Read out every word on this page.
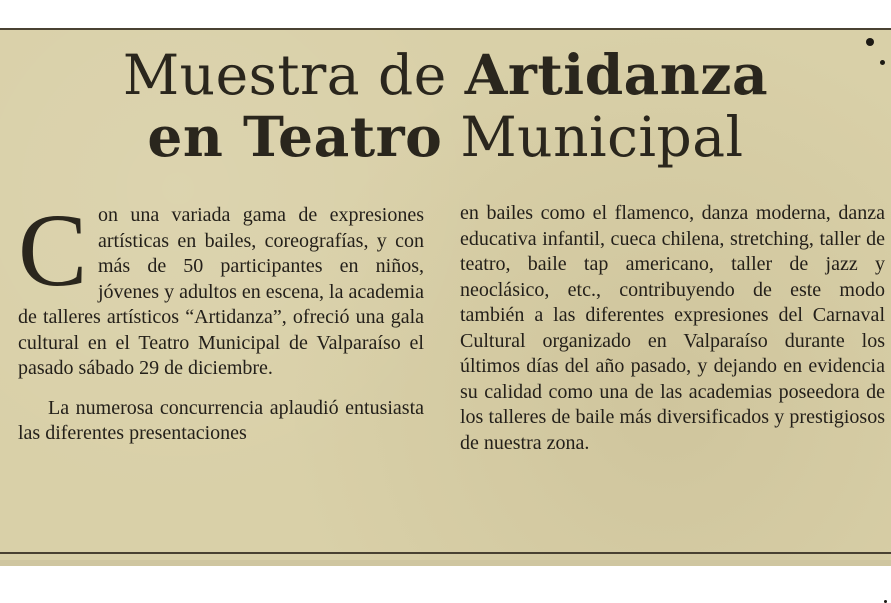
Muestra de Artidanza
en Teatro Municipal
C on una variada gama de expresiones artísticas en bailes, coreografías, y con más de 50 participantes en niños, jóvenes y adultos en escena, la academia de talleres artísticos “Artidanza”, ofreció una gala cultural en el Teatro Municipal de Valparaíso el pasado sábado 29 de diciembre.

La numerosa concurrencia aplaudió entusiasta las diferentes presentaciones

en bailes como el flamenco, danza moderna, danza educativa infantil, cueca chilena, stretching, taller de teatro, baile tap americano, taller de jazz y neoclásico, etc., contribuyendo de este modo también a las diferentes expresiones del Carnaval Cultural organizado en Valparaíso durante los últimos días del año pasado, y dejando en evidencia su calidad como una de las academias poseedora de los talleres de baile más diversificados y prestigiosos de nuestra zona.
